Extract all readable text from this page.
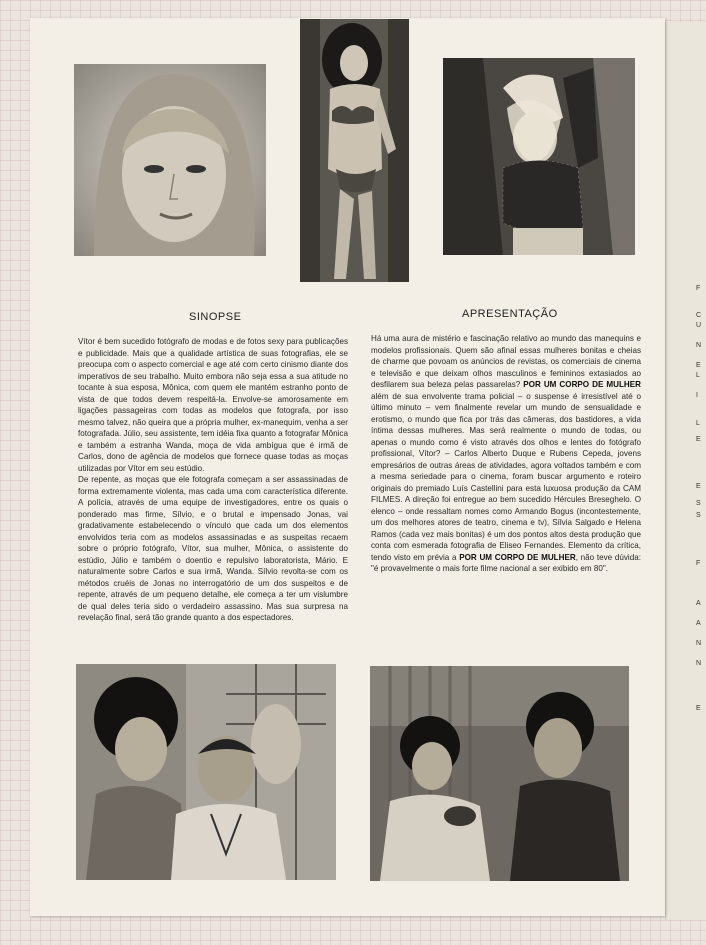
F
C
U
N
E
L
I
L
E
E
S
S
F
A
A
N
N
E
SINOPSE	APRESENTAÇÃO

Vítor é bem sucedido fotógrafo de modas e de fotos sexy para publicações e publicidade. Mais que a qualidade artística de suas fotografias, ele se preocupa com o aspecto comercial e age até com certo cinismo diante dos imperativos de seu trabalho. Muito embora não seja essa a sua atitude no tocante à sua esposa, Mônica, com quem ele mantém estranho ponto de vista de que todos devem respeitá-la. Envolve-se amorosamente em ligações passageiras com todas as modelos que fotografa, por isso mesmo talvez, não queira que a própria mulher, ex-manequim, venha a ser fotografada. Júlio, seu assistente, tem idéia fixa quanto a fotografar Mônica e também a estranha Wanda, moça de vida ambígua que é irmã de Carlos, dono de agência de modelos que fornece quase todas as moças utilizadas por Vítor em seu estúdio.

De repente, as moças que ele fotografa começam a ser assassinadas de forma extremamente violenta, mas cada uma com característica diferente. A polícia, através de uma equipe de investigadores, entre os quais o ponderado mas firme, Sílvio, e o brutal e impensado Jonas, vai gradativamente estabelecendo o vínculo que cada um dos elementos envolvidos teria com as modelos assassinadas e as suspeitas recaem sobre o próprio fotógrafo, Vítor, sua mulher, Mônica, o assistente do estúdio, Júlio e também o doentio e repulsivo laboratorista, Mário. E naturalmente sobre Carlos e sua irmã, Wanda. Sílvio revolta-se com os métodos cruéis de Jonas no interrogatório de um dos suspeitos e de repente, através de um pequeno detalhe, ele começa a ter um vislumbre de qual deles teria sido o verdadeiro assassino. Mas sua surpresa na revelação final, será tão grande quanto a dos espectadores.

Há uma aura de mistério e fascinação relativo ao mundo das manequins e modelos profissionais. Quem são afinal essas mulheres bonitas e cheias de charme que povoam os anúncios de revistas, os comerciais de cinema e televisão e que deixam olhos masculinos e femininos extasiados ao desfilarem sua beleza pelas passarelas? POR UM CORPO DE MULHER além de sua envolvente trama policial – o suspense é irresistível até o último minuto – vem finalmente revelar um mundo de sensualidade e erotismo, o mundo que fica por trás das câmeras, dos bastidores, a vida íntima dessas mulheres. Mas será realmente o mundo de todas, ou apenas o mundo como é visto através dos olhos e lentes do fotógrafo profissional, Vítor? – Carlos Alberto Duque e Rubens Cepeda, jovens empresários de outras áreas de atividades, agora voltados também e com a mesma seriedade para o cinema, foram buscar argumento e roteiro originais do premiado Luís Castellini para esta luxuosa produção da CAM FILMES. A direção foi entregue ao bem sucedido Hércules Breseghelo. O elenco – onde ressaltam nomes como Armando Bogus (incontestemente, um dos melhores atores de teatro, cinema e tv), Sílvia Salgado e Helena Ramos (cada vez mais bonitas) é um dos pontos altos desta produção que conta com esmerada fotografia de Eliseo Fernandes. Elemento da crítica, tendo visto em prévia a POR UM CORPO DE MULHER, não teve dúvida: "é provavelmente o mais forte filme nacional a ser exibido em 80".
